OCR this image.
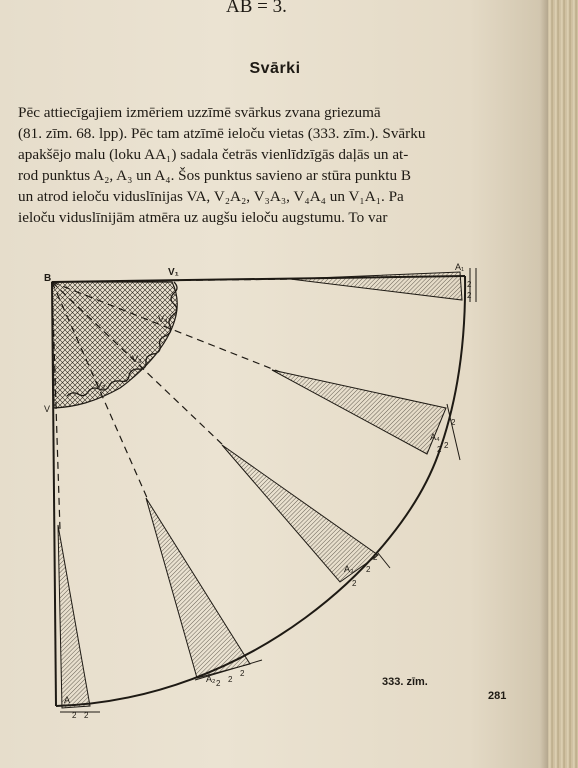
AB = 3.
Svārki
Pēc attiecīgajiem izmēriem uzzīmē svārkus zvana griezumā
(81. zīm. 68. lpp). Pēc tam atzīmē ieloču vietas (333. zīm.). Svārku
apakšējo malu (loku AA₁) sadala četrās vienlīdzīgās daļās un at-
rod punktus A₂, A₃ un A₄. Šos punktus savieno ar stūra punktu B
un atrod ieloču viduslīnijas VA, V₂A₂, V₃A₃, V₄A₄ un V₁A₁. Pa
ieloču viduslīnijām atmēra uz augšu ieloču augstumu. To var
B
V₁
V
A₁
A
A₂
A₃
A₄
V₄
V₃
V₂
2
2
2
2
2
2
2
2
2 2
2
2 2
333. zīm.
281
